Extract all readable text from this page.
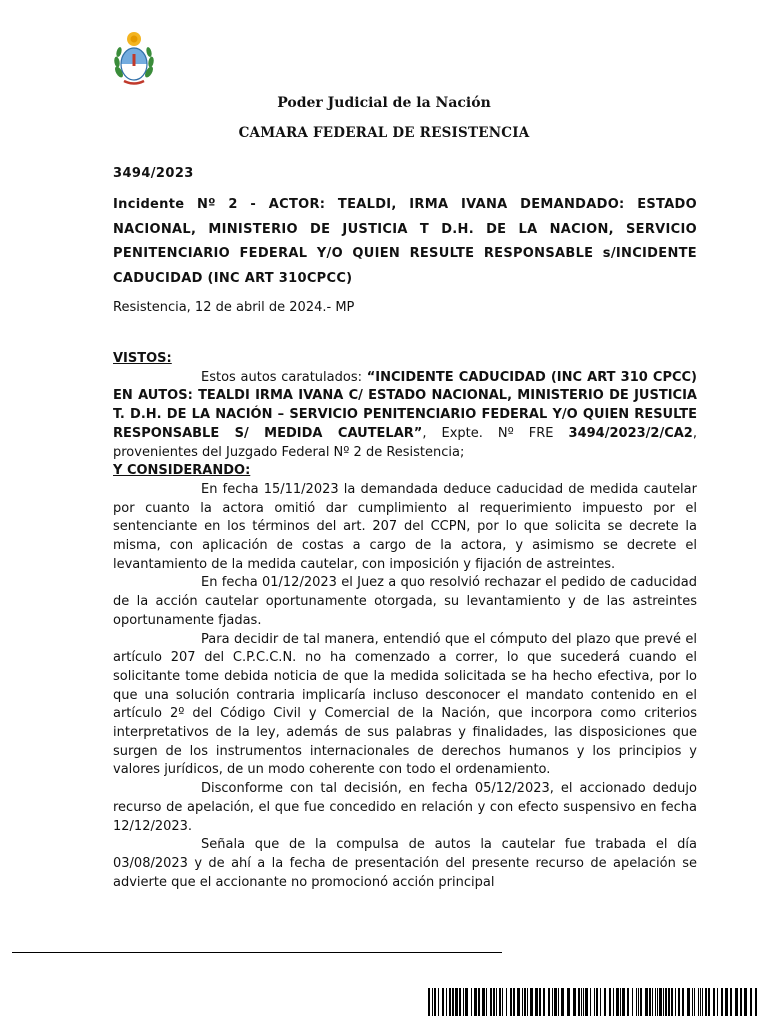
Poder Judicial de la Nación
CAMARA FEDERAL DE RESISTENCIA
3494/2023
Incidente Nº 2 - ACTOR: TEALDI, IRMA IVANA DEMANDADO: ESTADO NACIONAL, MINISTERIO DE JUSTICIA T D.H. DE LA NACION, SERVICIO PENITENCIARIO FEDERAL Y/O QUIEN RESULTE RESPONSABLE s/INCIDENTE CADUCIDAD (INC ART 310CPCC)
Resistencia, 12 de abril de 2024.- MP

VISTOS:

Estos autos caratulados: “INCIDENTE CADUCIDAD (INC ART 310 CPCC) EN AUTOS: TEALDI IRMA IVANA C/ ESTADO NACIONAL, MINISTERIO DE JUSTICIA T. D.H. DE LA NACIÓN – SERVICIO PENITENCIARIO FEDERAL Y/O QUIEN RESULTE RESPONSABLE S/ MEDIDA CAUTELAR”, Expte. Nº FRE 3494/2023/2/CA2, provenientes del Juzgado Federal Nº 2 de Resistencia;

Y CONSIDERANDO:

En fecha 15/11/2023 la demandada deduce caducidad de medida cautelar por cuanto la actora omitió dar cumplimiento al requerimiento impuesto por el sentenciante en los términos del art. 207 del CCPN, por lo que solicita se decrete la misma, con aplicación de costas a cargo de la actora, y asimismo se decrete el levantamiento de la medida cautelar, con imposición y fijación de astreintes.

En fecha 01/12/2023 el Juez a quo resolvió rechazar el pedido de caducidad de la acción cautelar oportunamente otorgada, su levantamiento y de las astreintes oportunamente fjadas.

Para decidir de tal manera, entendió que el cómputo del plazo que prevé el artículo 207 del C.P.C.C.N. no ha comenzado a correr, lo que sucederá cuando el solicitante tome debida noticia de que la medida solicitada se ha hecho efectiva, por lo que una solución contraria implicaría incluso desconocer el mandato contenido en el artículo 2º del Código Civil y Comercial de la Nación, que incorpora como criterios interpretativos de la ley, además de sus palabras y finalidades, las disposiciones que surgen de los instrumentos internacionales de derechos humanos y los principios y valores jurídicos, de un modo coherente con todo el ordenamiento.

Disconforme con tal decisión, en fecha 05/12/2023, el accionado dedujo recurso de apelación, el que fue concedido en relación y con efecto suspensivo en fecha 12/12/2023.

Señala que de la compulsa de autos la cautelar fue trabada el día 03/08/2023 y de ahí a la fecha de presentación del presente recurso de apelación se advierte que el accionante no promocionó acción principal
